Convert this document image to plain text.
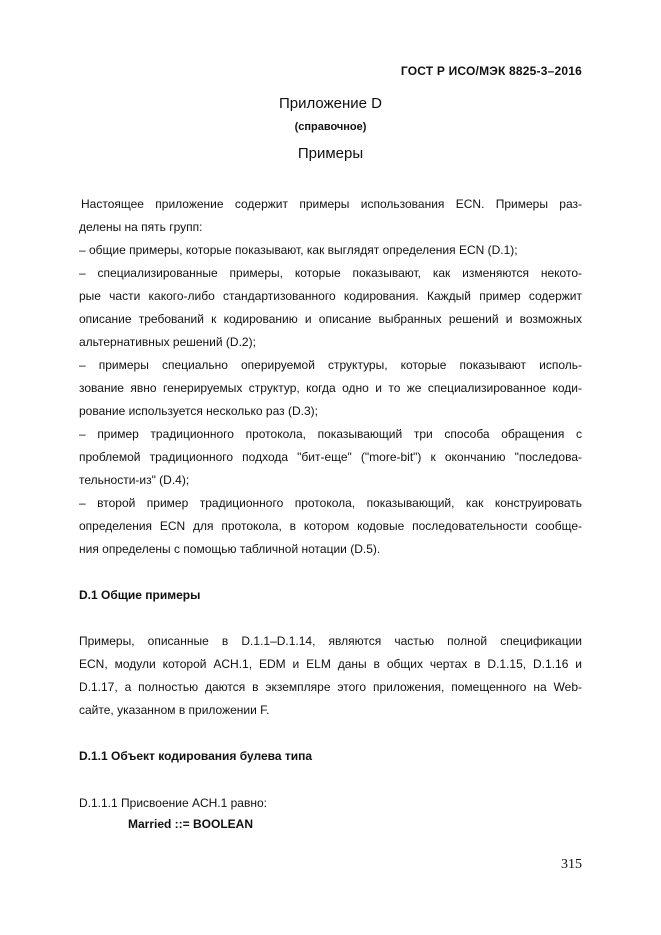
ГОСТ Р ИСО/МЭК 8825-3–2016
Приложение D
(справочное)
Примеры
Настоящее приложение содержит примеры использования ECN. Примеры раз-
делены на пять групп:
– общие примеры, которые показывают, как выглядят определения ECN (D.1);
– специализированные примеры, которые показывают, как изменяются некото-
рые части какого-либо стандартизованного кодирования. Каждый пример содержит
описание требований к кодированию и описание выбранных решений и возможных
альтернативных решений (D.2);
– примеры специально оперируемой структуры, которые показывают исполь-
зование явно генерируемых структур, когда одно и то же специализированное коди-
рование используется несколько раз (D.3);
– пример традиционного протокола, показывающий три способа обращения с
проблемой традиционного подхода "бит-еще" ("more-bit") к окончанию "последова-
тельности-из" (D.4);
– второй пример традиционного протокола, показывающий, как конструировать
определения ECN для протокола, в котором кодовые последовательности сообще-
ния определены с помощью табличной нотации (D.5).
D.1 Общие примеры
Примеры, описанные в D.1.1–D.1.14, являются частью полной спецификации
ECN, модули которой ACH.1, EDM и ELM даны в общих чертах в D.1.15, D.1.16 и
D.1.17, а полностью даются в экземпляре этого приложения, помещенного на Web-
сайте, указанном в приложении F.
D.1.1 Объект кодирования булева типа
D.1.1.1 Присвоение ACH.1 равно:
Married ::= BOOLEAN
315
